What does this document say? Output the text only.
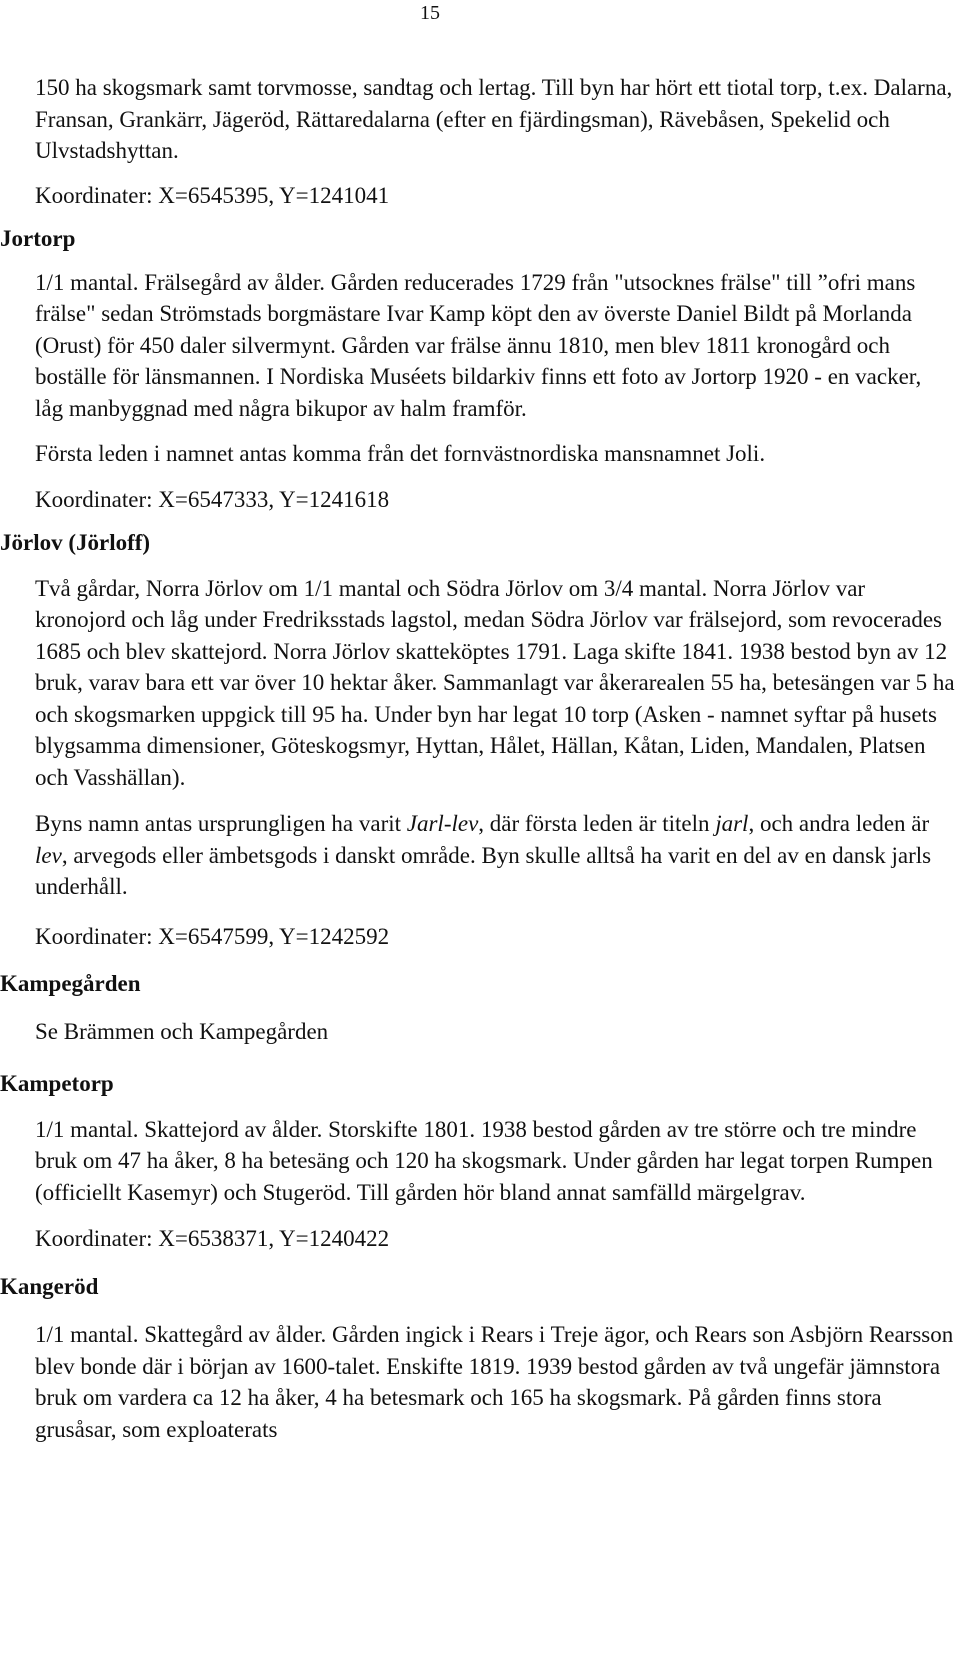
15

150 ha skogsmark samt torvmosse, sandtag och lertag. Till byn har hört ett tiotal torp, t.ex. Dalarna, Fransan, Grankärr, Jägeröd, Rättaredalarna (efter en fjärdingsman), Rävebåsen, Spekelid och Ulvstadshyttan.

Koordinater: X=6545395, Y=1241041

Jortorp

1/1 mantal. Frälsegård av ålder. Gården reducerades 1729 från "utsocknes frälse" till ”ofri mans frälse" sedan Strömstads borgmästare Ivar Kamp köpt den av överste Daniel Bildt på Morlanda (Orust) för 450 daler silvermynt. Gården var frälse ännu 1810, men blev 1811 kronogård och boställe för länsmannen. I Nordiska Muséets bildarkiv finns ett foto av Jortorp 1920 - en vacker, låg manbyggnad med några bikupor av halm framför.

Första leden i namnet antas komma från det fornvästnordiska mansnamnet Joli.

Koordinater: X=6547333, Y=1241618

Jörlov (Jörloff)

Två gårdar, Norra Jörlov om 1/1 mantal och Södra Jörlov om 3/4 mantal. Norra Jörlov var kronojord och låg under Fredriksstads lagstol, medan Södra Jörlov var frälsejord, som revocerades 1685 och blev skattejord. Norra Jörlov skatteköptes 1791. Laga skifte 1841. 1938 bestod byn av 12 bruk, varav bara ett var över 10 hektar åker. Sammanlagt var åkerarealen 55 ha, betesängen var 5 ha och skogsmarken uppgick till 95 ha. Under byn har legat 10 torp (Asken - namnet syftar på husets blygsamma dimensioner, Göteskogsmyr, Hyttan, Hålet, Hällan, Kåtan, Liden, Mandalen, Platsen och Vasshällan).

Byns namn antas ursprungligen ha varit Jarl-lev, där första leden är titeln jarl, och andra leden är lev, arvegods eller ämbetsgods i danskt område. Byn skulle alltså ha varit en del av en dansk jarls underhåll.

Koordinater: X=6547599, Y=1242592

Kampegården

Se Brämmen och Kampegården

Kampetorp

1/1 mantal. Skattejord av ålder. Storskifte 1801. 1938 bestod gården av tre större och tre mindre bruk om 47 ha åker, 8 ha betesäng och 120 ha skogsmark. Under gården har legat torpen Rumpen (officiellt Kasemyr) och Stugeröd. Till gården hör bland annat samfälld märgelgrav.

Koordinater: X=6538371, Y=1240422

Kangeröd

1/1 mantal. Skattegård av ålder. Gården ingick i Rears i Treje ägor, och Rears son Asbjörn Rearsson blev bonde där i början av 1600-talet. Enskifte 1819. 1939 bestod gården av två ungefär jämnstora bruk om vardera ca 12 ha åker, 4 ha betesmark och 165 ha skogsmark. På gården finns stora grusåsar, som exploaterats
